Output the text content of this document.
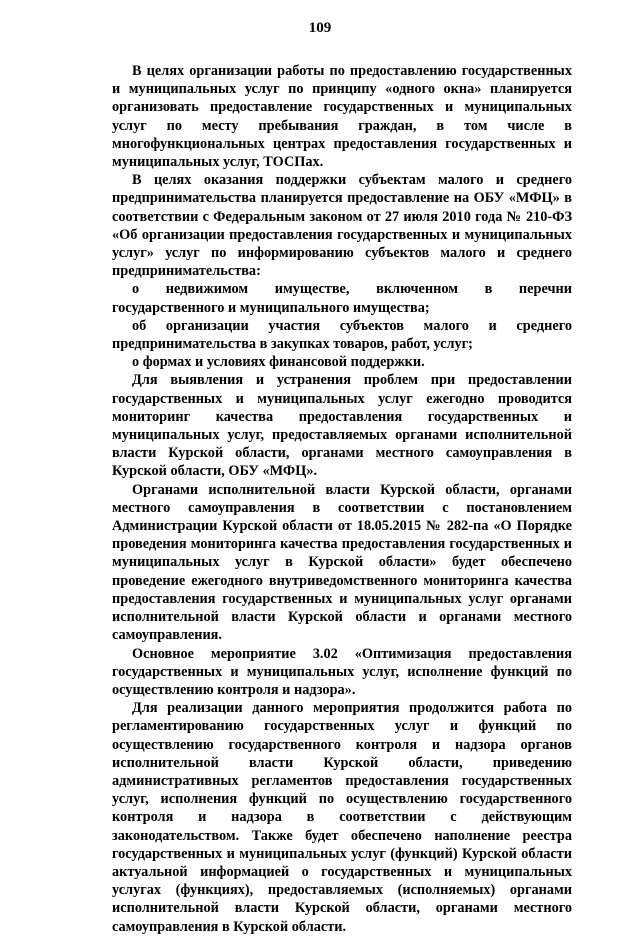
109

В целях организации работы по предоставлению государственных и муниципальных услуг по принципу «одного окна» планируется организовать предоставление государственных и муниципальных услуг по месту пребывания граждан, в том числе в многофункциональных центрах предоставления государственных и муниципальных услуг, ТОСПах.

В целях оказания поддержки субъектам малого и среднего предпринимательства планируется предоставление на ОБУ «МФЦ» в соответствии с Федеральным законом от 27 июля 2010 года № 210-ФЗ «Об организации предоставления государственных и муниципальных услуг» услуг по информированию субъектов малого и среднего предпринимательства:

о недвижимом имуществе, включенном в перечни государственного и муниципального имущества;

об организации участия субъектов малого и среднего предпринимательства в закупках товаров, работ, услуг;

о формах и условиях финансовой поддержки.

Для выявления и устранения проблем при предоставлении государственных и муниципальных услуг ежегодно проводится мониторинг качества предоставления государственных и муниципальных услуг, предоставляемых органами исполнительной власти Курской области, органами местного самоуправления в Курской области, ОБУ «МФЦ».

Органами исполнительной власти Курской области, органами местного самоуправления в соответствии с постановлением Администрации Курской области от 18.05.2015 № 282-па «О Порядке проведения мониторинга качества предоставления государственных и муниципальных услуг в Курской области» будет обеспечено проведение ежегодного внутриведомственного мониторинга качества предоставления государственных и муниципальных услуг органами исполнительной власти Курской области и органами местного самоуправления.

Основное мероприятие 3.02 «Оптимизация предоставления государственных и муниципальных услуг, исполнение функций по осуществлению контроля и надзора».

Для реализации данного мероприятия продолжится работа по регламентированию государственных услуг и функций по осуществлению государственного контроля и надзора органов исполнительной власти Курской области, приведению административных регламентов предоставления государственных услуг, исполнения функций по осуществлению государственного контроля и надзора в соответствии с действующим законодательством. Также будет обеспечено наполнение реестра государственных и муниципальных услуг (функций) Курской области актуальной информацией о государственных и муниципальных услугах (функциях), предоставляемых (исполняемых) органами исполнительной власти Курской области, органами местного самоуправления в Курской области.
